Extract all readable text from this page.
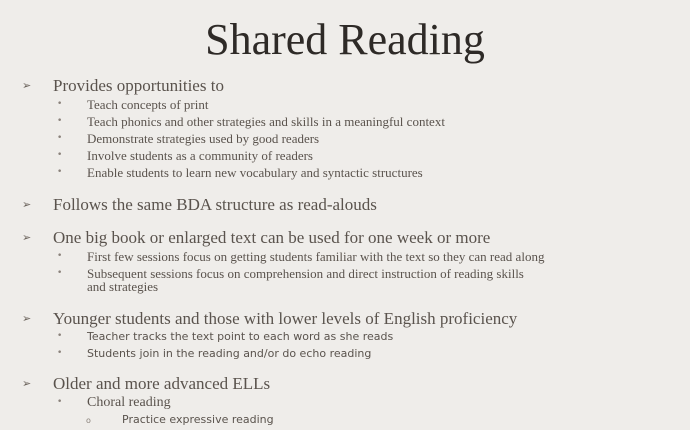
Shared Reading
➢ Provides opportunities to
• Teach concepts of print
• Teach phonics and other strategies and skills in a meaningful context
• Demonstrate strategies used by good readers
• Involve students as a community of readers
• Enable students to learn new vocabulary and syntactic structures
➢ Follows the same BDA structure as read-alouds
➢ One big book or enlarged text can be used for one week or more
• First few sessions focus on getting students familiar with the text so they can read along
• Subsequent sessions focus on comprehension and direct instruction of reading skills
and strategies
➢ Younger students and those with lower levels of English proficiency
• Teacher tracks the text point to each word as she reads
• Students join in the reading and/or do echo reading
➢ Older and more advanced ELLs
• Choral reading
o	Practice expressive reading
